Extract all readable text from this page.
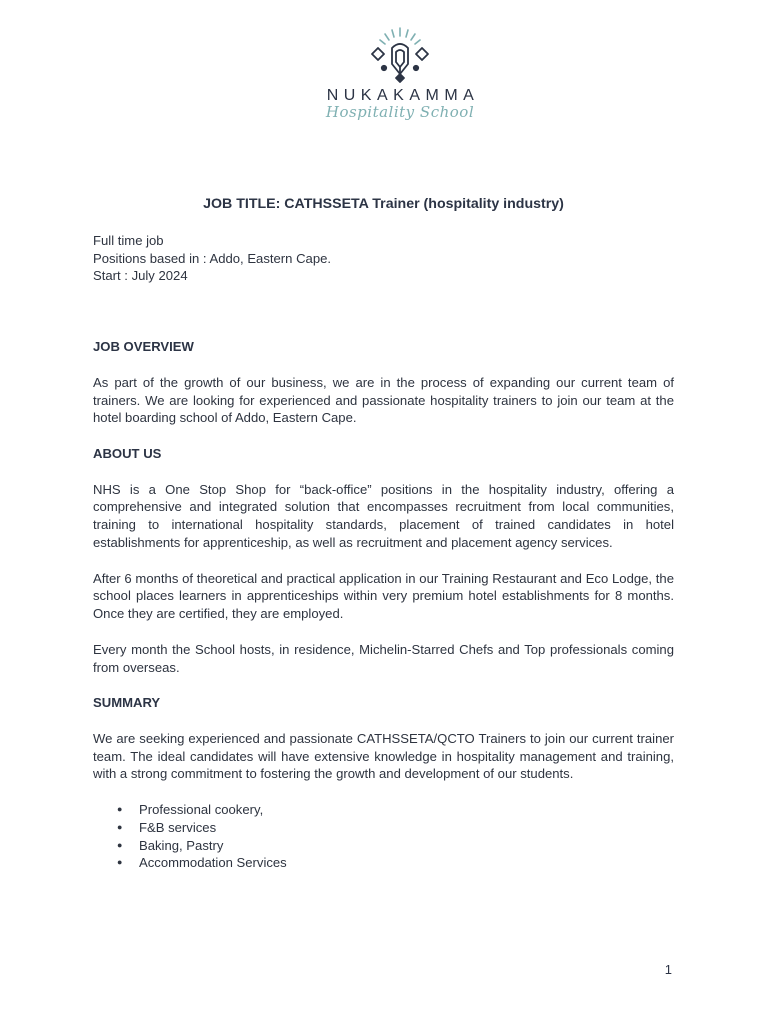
NUKAKAMMA
Hospitality School
JOB TITLE: CATHSSETA Trainer (hospitality industry)

Full time job

Positions based in : Addo, Eastern Cape.

Start : July 2024

JOB OVERVIEW

As part of the growth of our business, we are in the process of expanding our current team of trainers. We are looking for experienced and passionate hospitality trainers to join our team at the hotel boarding school of Addo, Eastern Cape.

ABOUT US

NHS is a One Stop Shop for “back-office” positions in the hospitality industry, offering a comprehensive and integrated solution that encompasses recruitment from local communities, training to international hospitality standards, placement of trained candidates in hotel establishments for apprenticeship, as well as recruitment and placement agency services.

After 6 months of theoretical and practical application in our Training Restaurant and Eco Lodge, the school places learners in apprenticeships within very premium hotel establishments for 8 months. Once they are certified, they are employed.

Every month the School hosts, in residence, Michelin-Starred Chefs and Top professionals coming from overseas.

SUMMARY

We are seeking experienced and passionate CATHSSETA/QCTO Trainers to join our current trainer team. The ideal candidates will have extensive knowledge in hospitality management and training, with a strong commitment to fostering the growth and development of our students.

● Professional cookery,
● F&B services
● Baking, Pastry
● Accommodation Services
1
